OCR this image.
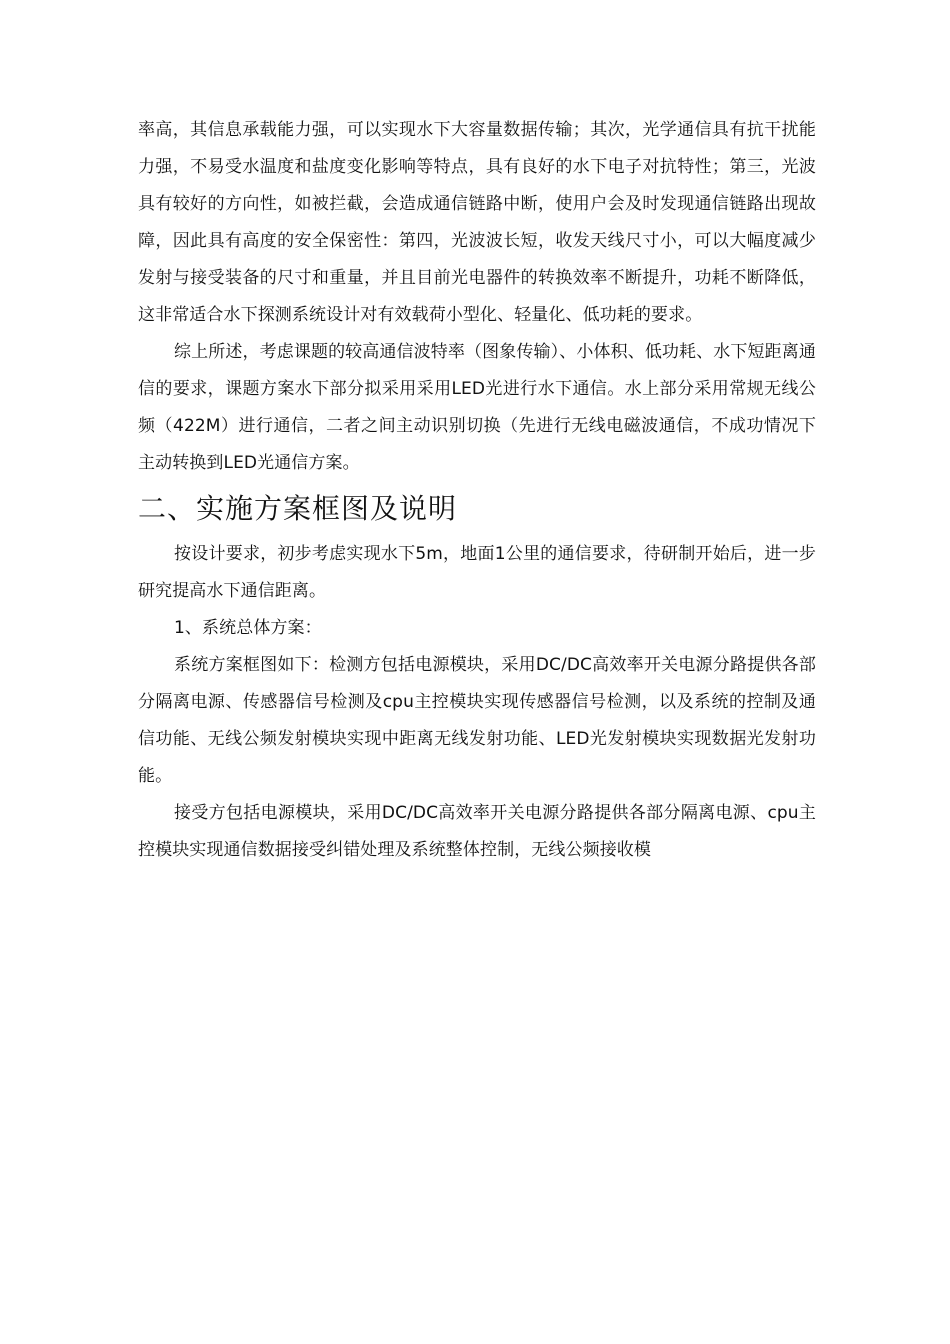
率高，其信息承载能力强，可以实现水下大容量数据传输；其次，光学通信具有抗干扰能力强，不易受水温度和盐度变化影响等特点，具有良好的水下电子对抗特性；第三，光波具有较好的方向性，如被拦截，会造成通信链路中断，使用户会及时发现通信链路出现故障，因此具有高度的安全保密性：第四，光波波长短，收发天线尺寸小，可以大幅度减少发射与接受装备的尺寸和重量，并且目前光电器件的转换效率不断提升，功耗不断降低，这非常适合水下探测系统设计对有效载荷小型化、轻量化、低功耗的要求。

综上所述，考虑课题的较高通信波特率（图象传输）、小体积、低功耗、水下短距离通信的要求，课题方案水下部分拟采用采用LED光进行水下通信。水上部分采用常规无线公频（422M）进行通信，二者之间主动识别切换（先进行无线电磁波通信，不成功情况下主动转换到LED光通信方案。

二、实施方案框图及说明

按设计要求，初步考虑实现水下5m，地面1公里的通信要求，待研制开始后，进一步研究提高水下通信距离。

1、系统总体方案：

系统方案框图如下：检测方包括电源模块，采用DC/DC高效率开关电源分路提供各部分隔离电源、传感器信号检测及cpu主控模块实现传感器信号检测，以及系统的控制及通信功能、无线公频发射模块实现中距离无线发射功能、LED光发射模块实现数据光发射功能。

接受方包括电源模块，采用DC/DC高效率开关电源分路提供各部分隔离电源、cpu主控模块实现通信数据接受纠错处理及系统整体控制，无线公频接收模
